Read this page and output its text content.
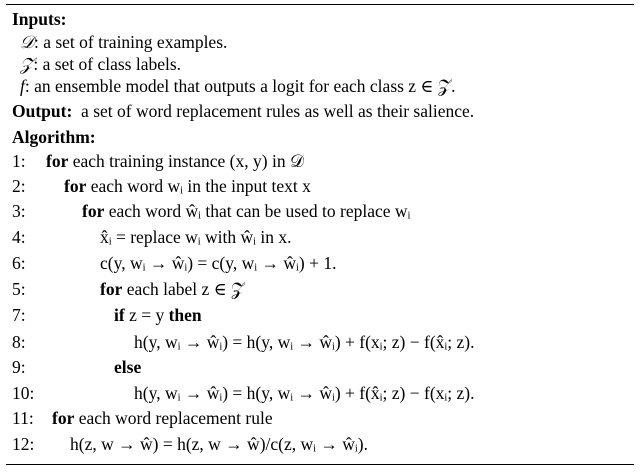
Inputs:
𝒟: a set of training examples.
𝒵: a set of class labels.
f: an ensemble model that outputs a logit for each class z ∈ 𝒵.
Output: a set of word replacement rules as well as their salience.
Algorithm:
1: for each training instance (x, y) in 𝒟
2: for each word wᵢ in the input text x
3:	for each word ŵᵢ that can be used to replace wᵢ
4:	x̂ᵢ = replace wᵢ with ŵᵢ in x.
6:	c(y, wᵢ → ŵᵢ) = c(y, wᵢ → ŵᵢ) + 1.
5:	for each label z ∈ 𝒵
7:	if z = y then
8:	h(y, wᵢ → ŵᵢ) = h(y, wᵢ → ŵᵢ) + f(xᵢ; z) − f(x̂ᵢ; z).
9:	else
10:	h(y, wᵢ → ŵᵢ) = h(y, wᵢ → ŵᵢ) + f(x̂ᵢ; z) − f(xᵢ; z).
11: for each word replacement rule
12: h(z, w → ŵ) = h(z, w → ŵ)/c(z, wᵢ → ŵᵢ).
